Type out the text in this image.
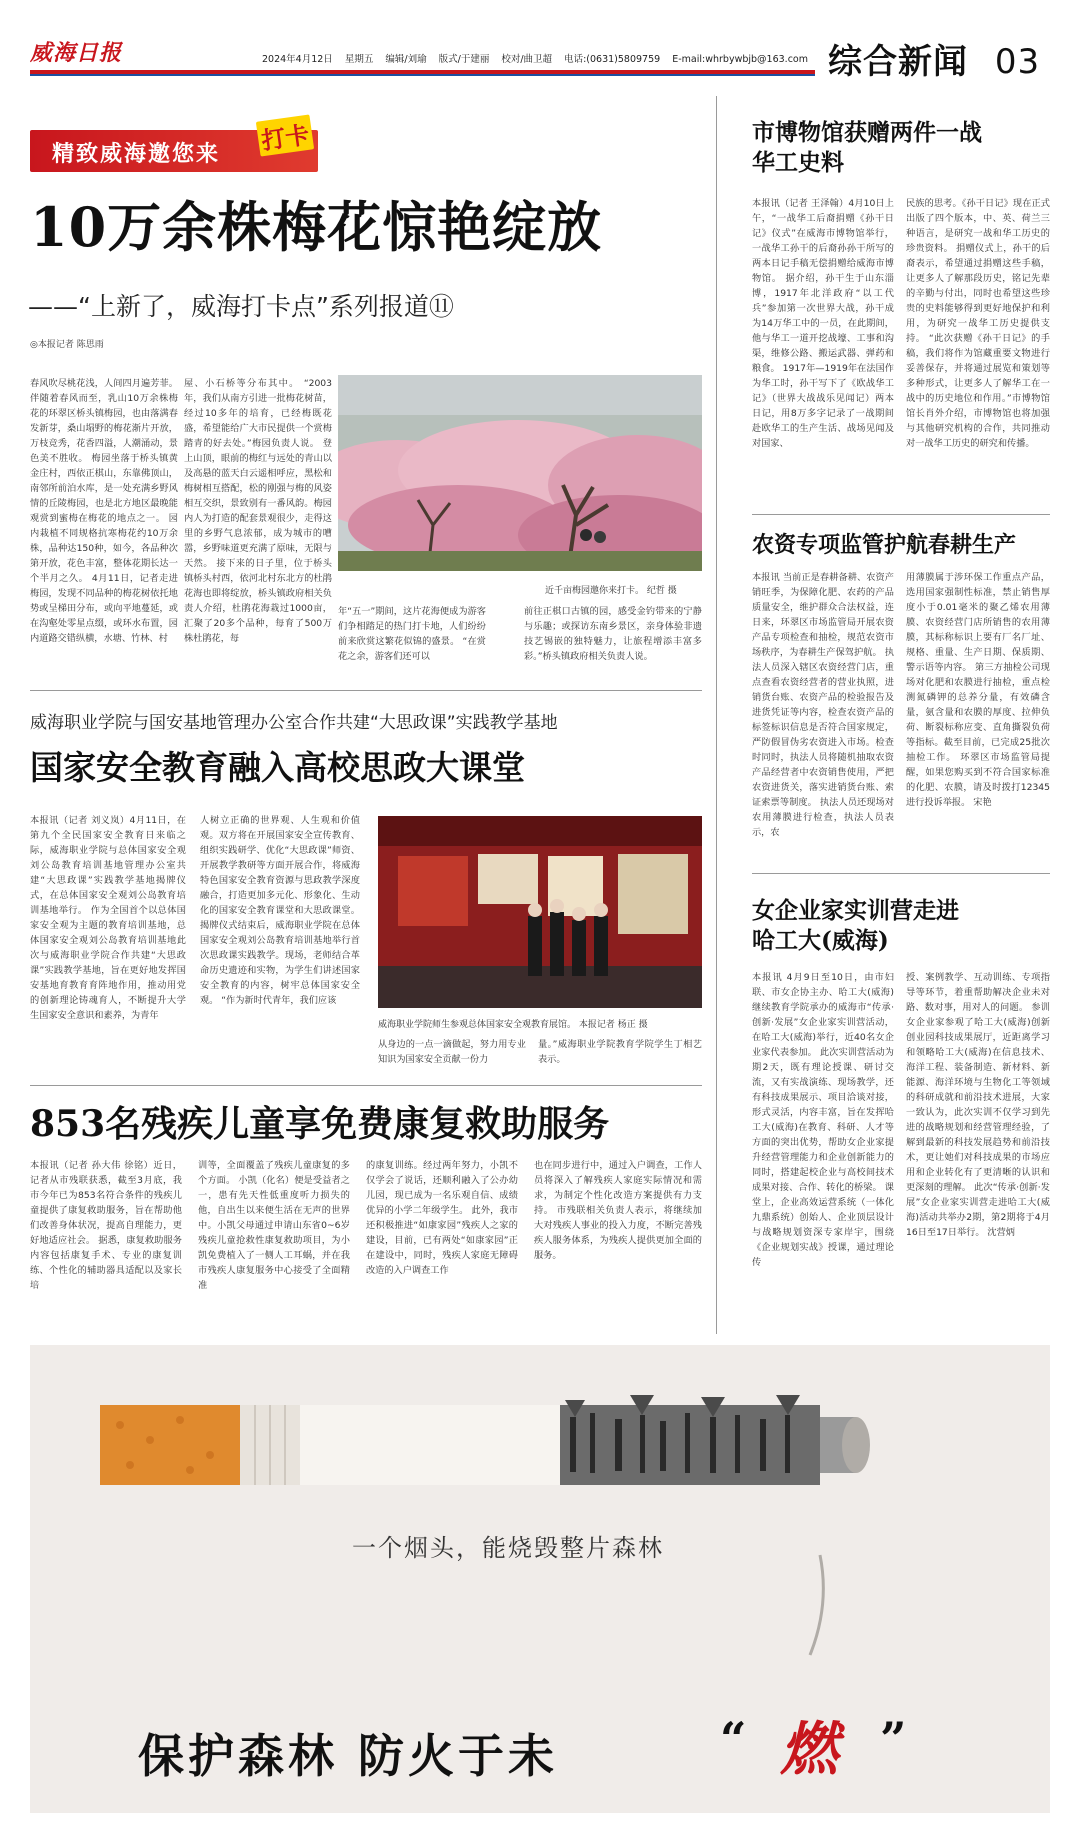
威海日报	2024年4月12日 星期五 编辑/刘瑜 版式/于建丽 校对/曲卫超 电话:(0631)5809759 E-mail:whrbywbjb@163.com 综合新闻 03
精致威海邀您来 打卡
10万余株梅花惊艳绽放
——“上新了，威海打卡点”系列报道⑪
◎本报记者 陈思雨
春风吹尽桃花浅，人间四月遍芳菲。伴随着春风而至，乳山10万余株梅花的环翠区桥头镇梅园，也由落满春发新芽，桑山塌野的梅花渐片开放，万枝竞秀，花香四溢，人潮涌动，景色美不胜收。 梅园坐落于桥头镇黄金庄村，西依正棋山，东靠佛顶山，南邻所前泊水库，是一处充满乡野风情的丘陵梅园，也是北方地区最晚能观赏到蜜梅在梅花的地点之一。 园内栽植不同规格抗寒梅花约10万余株，品种达150种，如今，各品种次第开放，花色丰富，整体花期长达一个半月之久。 4月11日，记者走进梅园，发现不同品种的梅花树依托地势或呈梯田分布，或向平地蔓延，或在沟壑处零星点缀，或环水布置，园内道路交错纵横，水塘、竹林、村
屋、小石桥等分布其中。 “2003年，我们从南方引进一批梅花树苗，经过10多年的培育，已经梅既花盛，希望能给广大市民提供一个赏梅踏青的好去处。”梅园负责人说。 登上山顶，眼前的梅红与远处的青山以及高悬的蓝天白云遥相呼应，黑松和梅树相互搭配，松的刚强与梅的风姿相互交织，景致别有一番风韵。梅园内人为打造的配套景观很少，走得这里的乡野气息浓郁，成为城市的嘈嚣，乡野味道更充满了原味，无限与天然。 接下来的日子里，位于桥头镇桥头村西，依河北村东北方的杜鹃花海也即将绽放，桥头镇政府相关负责人介绍，杜鹃花海栽过1000亩，汇聚了20多个品种，每育了500万株杜鹃花，每
近千亩梅园邀你来打卡。 纪哲 摄
年“五一”期间，这片花海便成为游客们争相踏足的热门打卡地，人们纷纷前来欣赏这繁花似锦的盛景。 “在赏花之余，游客们还可以
前往正棋口古镇的园，感受金钓带来的宁静与乐趣；或探访东南乡景区，亲身体验非遗技艺锡嵌的独特魅力，让旅程增添丰富多彩。”桥头镇政府相关负责人说。
威海职业学院与国安基地管理办公室合作共建“大思政课”实践教学基地
国家安全教育融入高校思政大课堂
本报讯（记者 刘义岚）4月11日，在第九个全民国家安全教育日来临之际，威海职业学院与总体国家安全观刘公岛教育培训基地管理办公室共建“大思政课”实践教学基地揭牌仪式，在总体国家安全观刘公岛教育培训基地举行。 作为全国首个以总体国家安全观为主题的教育培训基地，总体国家安全观刘公岛教育培训基地此次与威海职业学院合作共建“大思政课”实践教学基地，旨在更好地发挥国安基地育教育育阵地作用，推动用党的创新理论铸魂育人，不断提升大学生国家安全意识和素养，为青年
人树立正确的世界观、人生观和价值观。双方将在开展国家安全宣传教育、组织实践研学、优化“大思政课”师资、开展教学教研等方面开展合作，将威海特色国家安全教育资源与思政教学深度融合，打造更加多元化、形象化、生动化的国家安全教育课堂和大思政课堂。 揭牌仪式结束后，威海职业学院在总体国家安全观刘公岛教育培训基地举行首次思政课实践教学。现场，老师结合革命历史遗迹和实物，为学生们讲述国家安全教育的内容，树牢总体国家安全观。 “作为新时代青年，我们应该
威海职业学院师生参观总体国家安全观教育展馆。 本报记者 杨正 摄
从身边的一点一滴做起，努力用专业知识为国家安全贡献一份力
量。”威海职业学院教育学院学生丁相艺表示。
853名残疾儿童享免费康复救助服务
本报讯（记者 孙大伟 徐铭）近日，记者从市残联获悉，截至3月底，我市今年已为853名符合条件的残疾儿童提供了康复救助服务，旨在帮助他们改善身体状况，提高自理能力，更好地适应社会。 据悉，康复救助服务内容包括康复手术、专业的康复训练、个性化的辅助器具适配以及家长培
训等，全面覆盖了残疾儿童康复的多个方面。 小凯（化名）便是受益者之一，患有先天性低重度听力损失的他，自出生以来便生活在无声的世界中。小凯父母通过申请山东省0~6岁残疾儿童抢救性康复救助项目，为小凯免费植入了一侧人工耳蜗，并在我市残疾人康复服务中心接受了全面精准
的康复训练。经过两年努力，小凯不仅学会了说话，还顺利融入了公办幼儿园，现已成为一名乐观自信、成绩优异的小学二年级学生。 此外，我市还积极推进“如康家园”残疾人之家的建设，目前，已有两处“如康家园”正在建设中，同时，残疾人家庭无障碍改造的入户调查工作
也在同步进行中，通过入户调查，工作人员将深入了解残疾人家庭实际情况和需求，为制定个性化改造方案提供有力支持。 市残联相关负责人表示，将继续加大对残疾人事业的投入力度，不断完善残疾人服务体系，为残疾人提供更加全面的服务。
市博物馆获赠两件一战
华工史料
本报讯（记者 王泽翰）4月10日上午，“一战华工后裔捐赠《孙干日记》仪式”在威海市博物馆举行，一战华工孙干的后裔孙孙干所写的两本日记手稿无偿捐赠给威海市博物馆。 据介绍，孙干生于山东淄博，1917年北洋政府“以工代兵”参加第一次世界大战，孙干成为14万华工中的一员，在此期间，他与华工一道开挖战壕、工事和沟渠，维修公路、搬运武器、弹药和粮食。 1917年—1919年在法国作为华工时，孙干写下了《欧战华工记》（世界大战战乐见闻记）两本日记，用8万多字记录了一战期间赴欧华工的生产生活、战场见闻及对国家、
民族的思考。《孙干日记》现在正式出版了四个版本，中、英、荷兰三种语言，是研究一战和华工历史的珍贵资料。 捐赠仪式上，孙干的后裔表示，希望通过捐赠这些手稿，让更多人了解那段历史，铭记先辈的辛勤与付出，同时也希望这些珍贵的史料能够得到更好地保护和利用，为研究一战华工历史提供支持。 “此次获赠《孙干日记》的手稿，我们将作为馆藏重要文物进行妥善保存，并将通过展览和策划等多种形式，让更多人了解华工在一战中的历史地位和作用。”市博物馆馆长肖外介绍，市博物馆也将加强与其他研究机构的合作，共同推动对一战华工历史的研究和传播。
农资专项监管护航春耕生产
本报讯 当前正是春耕备耕、农资产销旺季，为保障化肥、农药的产品质量安全，维护群众合法权益，连日来，环翠区市场监管局开展农资产品专项检查和抽检，规范农资市场秩序，为春耕生产保驾护航。 执法人员深入辖区农资经营门店，重点查看农资经营者的营业执照，进销货台账、农资产品的检验报告及进货凭证等内容，检查农资产品的标签标识信息是否符合国家规定，严防假冒伪劣农资进入市场。检查时同时，执法人员将随机抽取农资产品经营者中农资销售使用，严把农资进货关，落实进销货台账、索证索票等制度。 执法人员还现场对农用薄膜进行检查，执法人员表示，农
用薄膜属于涉环保工作重点产品，选用国家强制性标准，禁止销售厚度小于0.01毫米的聚乙烯农用薄膜、农资经营门店所销售的农用薄膜，其标称标识上要有厂名厂址、规格、重量、生产日期、保质期、警示语等内容。 第三方抽检公司现场对化肥和农膜进行抽检，重点检测氮磷钾的总养分量，有效磷含量，氨含量和农膜的厚度、拉伸负荷、断裂标称应变、直角撕裂负荷等指标。截至目前，已完成25批次抽检工作。 环翠区市场监管局提醒，如果您购买到不符合国家标准的化肥、农膜，请及时拨打12345进行投诉举报。 宋艳
女企业家实训营走进
哈工大(威海)
本报讯 4月9日至10日，由市妇联、市女企协主办、哈工大(威海)继续教育学院承办的威海市“传承·创新·发展”女企业家实训营活动，在哈工大(威海)举行，近40名女企业家代表参加。 此次实训营活动为期2天，既有理论授课、研讨交流，又有实战演练、现场教学，还有科技成果展示、项目洽谈对接，形式灵活，内容丰富，旨在发挥哈工大(威海)在教育、科研、人才等方面的突出优势，帮助女企业家提升经营管理能力和企业创新能力的同时，搭建起校企业与高校间技术成果对接、合作、转化的桥梁。 课堂上，企业高效运营系统（一体化九鼎系统）创始人、企业顶层设计与战略规划资深专家岸宇，围绕《企业规划实战》授课，通过理论传
授、案例教学、互动训练、专项指导等环节，着重帮助解决企业未对路、数对事，用对人的问题。 参训女企业家参观了哈工大(威海)创新创业园科技成果展厅，近距离学习和领略哈工大(威海)在信息技术、海洋工程、装备制造、新材料、新能源、海洋环境与生物化工等领域的科研成就和前沿技术进展，大家一致认为，此次实训不仅学习到先进的战略规划和经营管理经验，了解到最新的科技发展趋势和前沿技术，更让她们对科技成果的市场应用和企业转化有了更清晰的认识和更深刻的理解。 此次“传承·创新·发展”女企业家实训营走进哈工大(威海)活动共举办2期，第2期将于4月16日至17日举行。 沈营炳
一个烟头，能烧毁整片森林
保护森林 防火于未	“ 燃 ”
